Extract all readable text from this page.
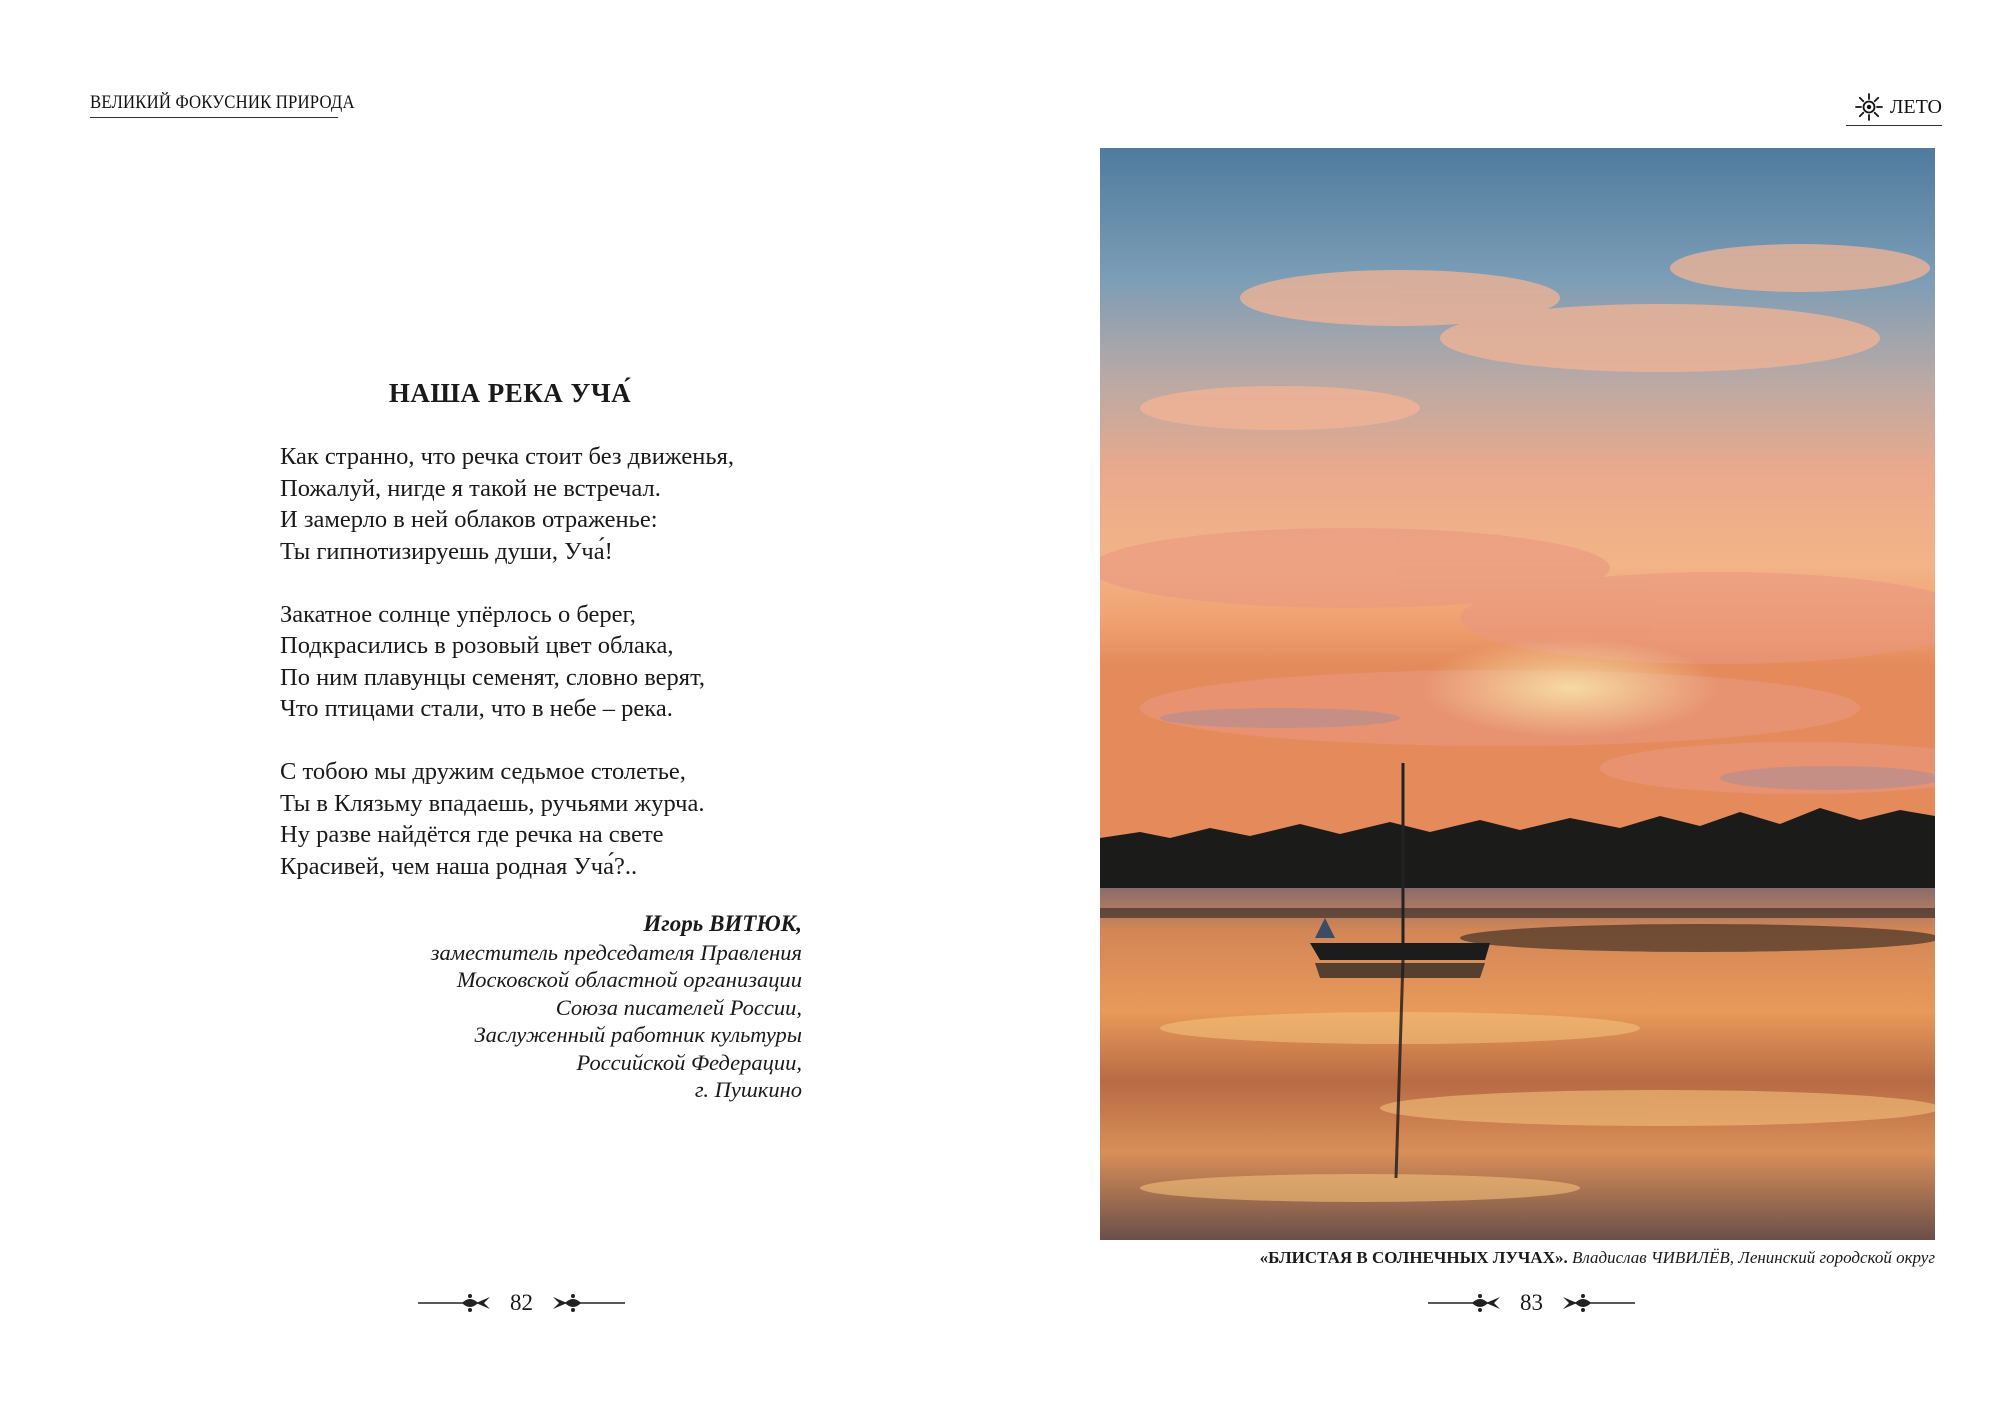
ВЕЛИКИЙ ФОКУСНИК ПРИРОДА	ЛЕТО
НАША РЕКА УЧА́
Как странно, что речка стоит без движенья,
Пожалуй, нигде я такой не встречал.
И замерло в ней облаков отраженье:
Ты гипнотизируешь души, Уча́!
Закатное солнце упёрлось о берег,
Подкрасились в розовый цвет облака,
По ним плавунцы семенят, словно верят,
Что птицами стали, что в небе – река.
С тобою мы дружим седьмое столетье,
Ты в Клязьму впадаешь, ручьями журча.
Ну разве найдётся где речка на свете
Красивей, чем наша родная Уча́?..
Игорь ВИТЮК,
заместитель председателя Правления
Московской областной организации
Союза писателей России,
Заслуженный работник культуры
Российской Федерации,
г. Пушкино
«БЛИСТАЯ В СОЛНЕЧНЫХ ЛУЧАХ». Владислав ЧИВИЛЁВ, Ленинский городской округ
82	83
